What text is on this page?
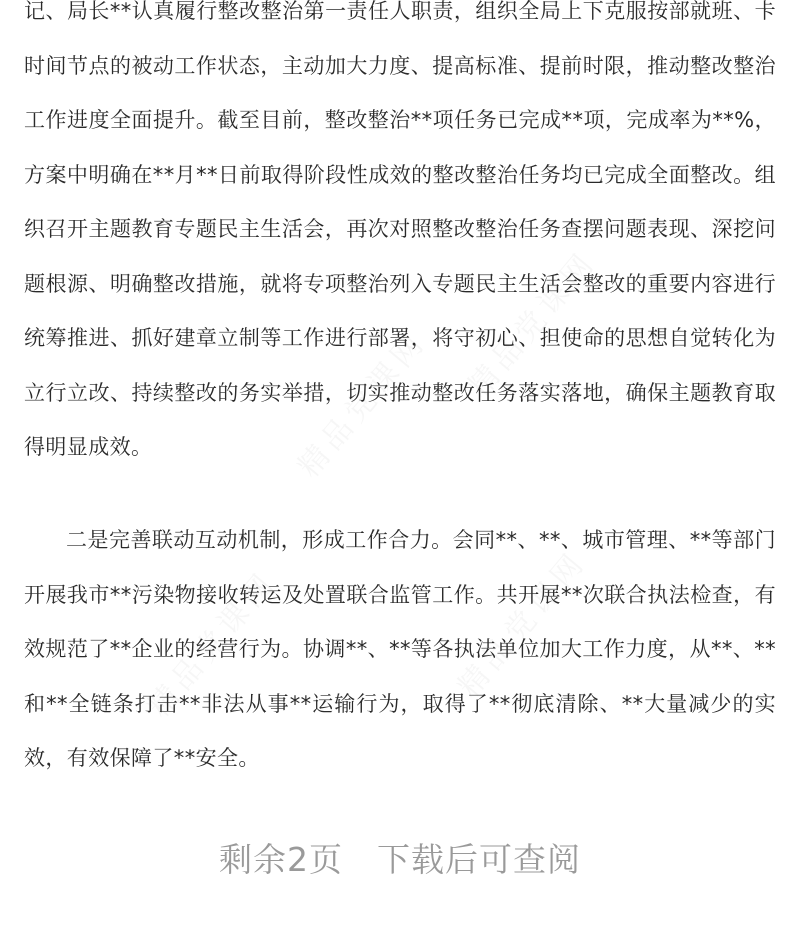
精品党课网 精品党课网
精品党课网	精品党课网

记、局长**认真履行整改整治第一责任人职责，组织全局上下克服按部就班、卡时间节点的被动工作状态，主动加大力度、提高标准、提前时限，推动整改整治工作进度全面提升。截至目前，整改整治**项任务已完成**项，完成率为**%，方案中明确在**月**日前取得阶段性成效的整改整治任务均已完成全面整改。组织召开主题教育专题民主生活会，再次对照整改整治任务查摆问题表现、深挖问题根源、明确整改措施，就将专项整治列入专题民主生活会整改的重要内容进行统筹推进、抓好建章立制等工作进行部署，将守初心、担使命的思想自觉转化为立行立改、持续整改的务实举措，切实推动整改任务落实落地，确保主题教育取得明显成效。

二是完善联动互动机制，形成工作合力。会同**、**、城市管理、**等部门开展我市**污染物接收转运及处置联合监管工作。共开展**次联合执法检查，有效规范了**企业的经营行为。协调**、**等各执法单位加大工作力度，从**、**和**全链条打击**非法从事**运输行为，取得了**彻底清除、**大量减少的实效，有效保障了**安全。

剩余2页 下载后可查阅
